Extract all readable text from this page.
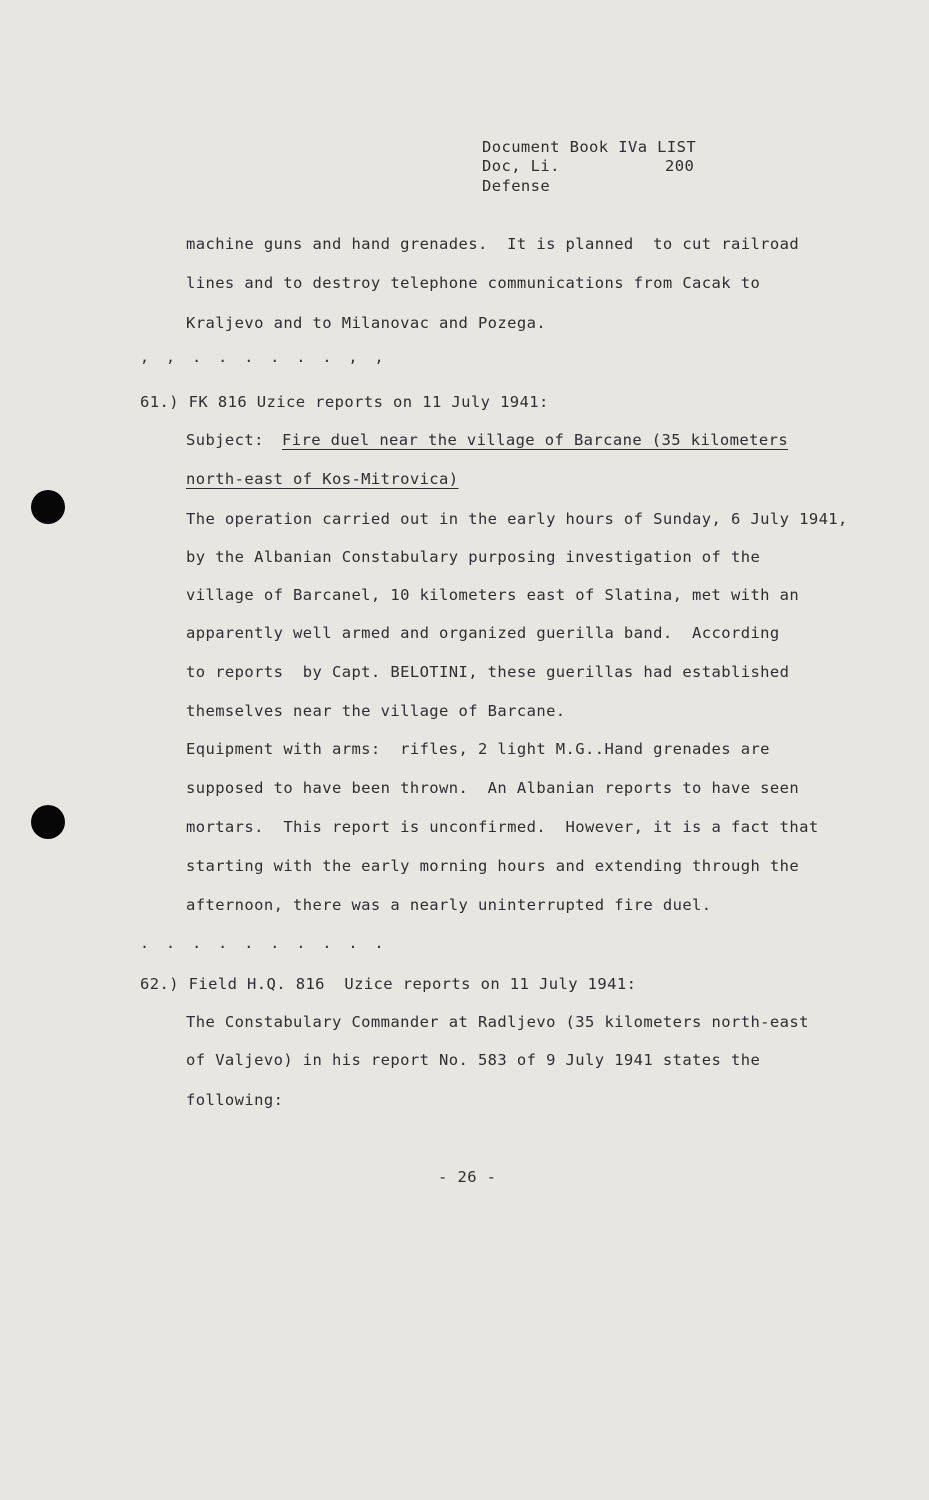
Document Book IVa LIST
Doc, Li.	200
Defense
machine guns and hand grenades.  It is planned  to cut railroad
lines and to destroy telephone communications from Cacak to
Kraljevo and to Milanovac and Pozega.
, , . . . . . . , ,
61.) FK 816 Uzice reports on 11 July 1941:
Subject: Fire duel near the village of Barcane (35 kilometers
north-east of Kos-Mitrovica)
The operation carried out in the early hours of Sunday, 6 July 1941,
by the Albanian Constabulary purposing investigation of the
village of Barcanel, 10 kilometers east of Slatina, met with an
apparently well armed and organized guerilla band.  According
to reports  by Capt. BELOTINI, these guerillas had established
themselves near the village of Barcane.
Equipment with arms:  rifles, 2 light M.G..Hand grenades are
supposed to have been thrown.  An Albanian reports to have seen
mortars.  This report is unconfirmed.  However, it is a fact that
starting with the early morning hours and extending through the
afternoon, there was a nearly uninterrupted fire duel.
. . . . . . . . . .
62.) Field H.Q. 816  Uzice reports on 11 July 1941:
The Constabulary Commander at Radljevo (35 kilometers north-east
of Valjevo) in his report No. 583 of 9 July 1941 states the
following:
- 26 -
